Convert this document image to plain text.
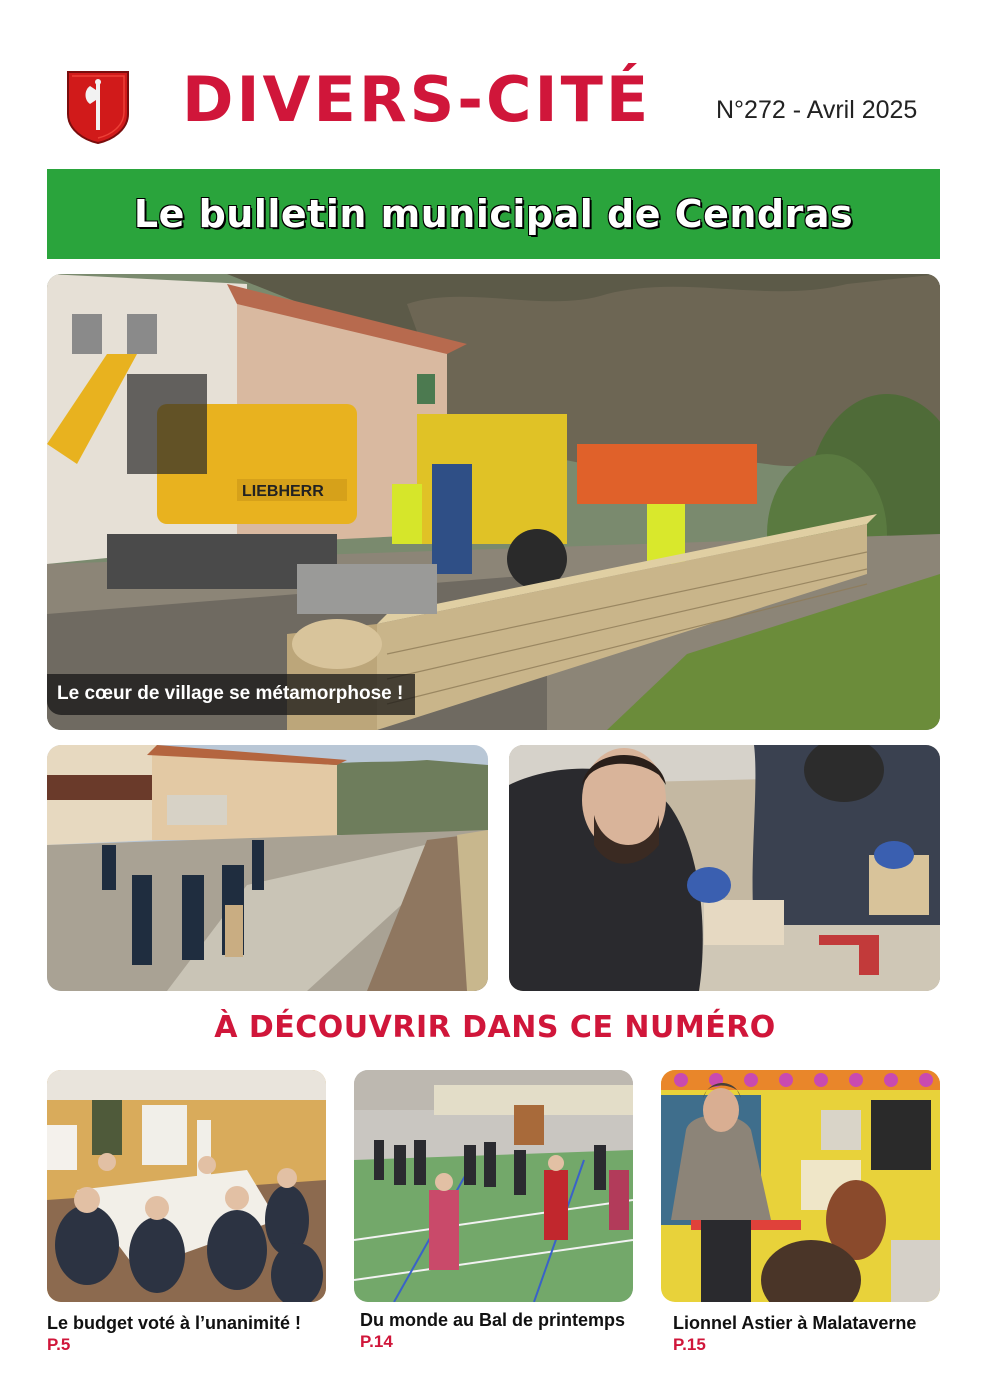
DIVERS-CITÉ	N°272 - Avril 2025
Le bulletin municipal de Cendras
LIEBHERR
Le cœur de village se métamorphose !
À DÉCOUVRIR DANS CE NUMÉRO
Le budget voté à l’unanimité !
P.5
Du monde au Bal de printemps
P.14
Lionnel Astier à Malataverne
P.15
